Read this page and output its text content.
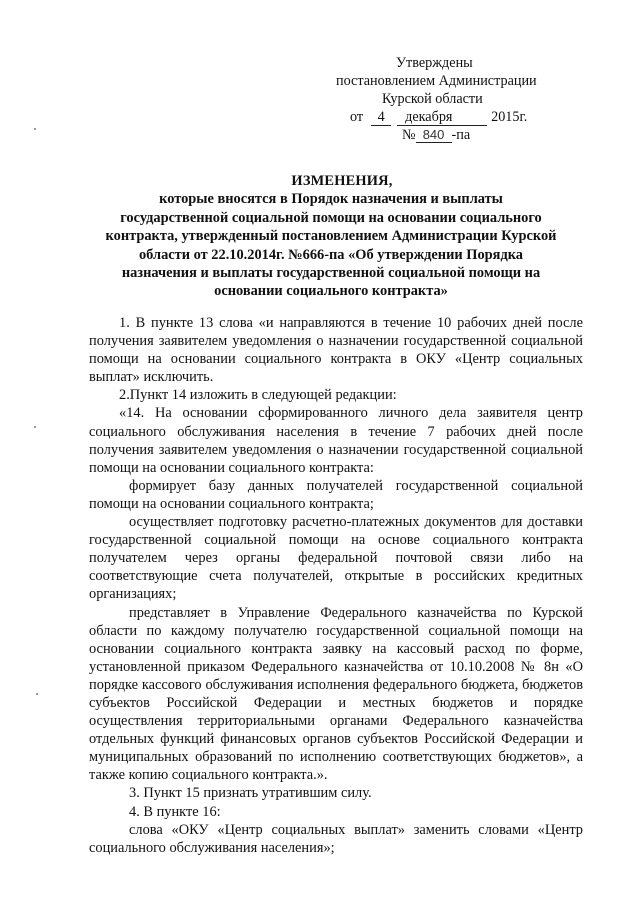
Утверждены
постановлением Администрации
Курской области
от 4 декабря	2015г.
№ 840 -па
ИЗМЕНЕНИЯ,
которые вносятся в Порядок назначения и выплаты
государственной социальной помощи на основании социального
контракта, утвержденный постановлением Администрации Курской
области от 22.10.2014г. №666-па «Об утверждении Порядка
назначения и выплаты государственной социальной помощи на
основании социального контракта»

1. В пункте 13 слова «и направляются в течение 10 рабочих дней после получения заявителем уведомления о назначении государственной социальной помощи на основании социального контракта в ОКУ «Центр социальных выплат» исключить.

2.Пункт 14 изложить в следующей редакции:

«14. На основании сформированного личного дела заявителя центр социального обслуживания населения в течение 7 рабочих дней после получения заявителем уведомления о назначении государственной социальной помощи на основании социального контракта:

формирует базу данных получателей государственной социальной помощи на основании социального контракта;

осуществляет подготовку расчетно-платежных документов для доставки государственной социальной помощи на основе социального контракта получателем через органы федеральной почтовой связи либо на соответствующие счета получателей, открытые в российских кредитных организациях;

представляет в Управление Федерального казначейства по Курской области по каждому получателю государственной социальной помощи на основании социального контракта заявку на кассовый расход по форме, установленной приказом Федерального казначейства от 10.10.2008 № 8н «О порядке кассового обслуживания исполнения федерального бюджета, бюджетов субъектов Российской Федерации и местных бюджетов и порядке осуществления территориальными органами Федерального казначейства отдельных функций финансовых органов субъектов Российской Федерации и муниципальных образований по исполнению соответствующих бюджетов», а также копию социального контракта.».

3. Пункт 15 признать утратившим силу.

4. В пункте 16:

слова «ОКУ «Центр социальных выплат» заменить словами «Центр социального обслуживания населения»;
